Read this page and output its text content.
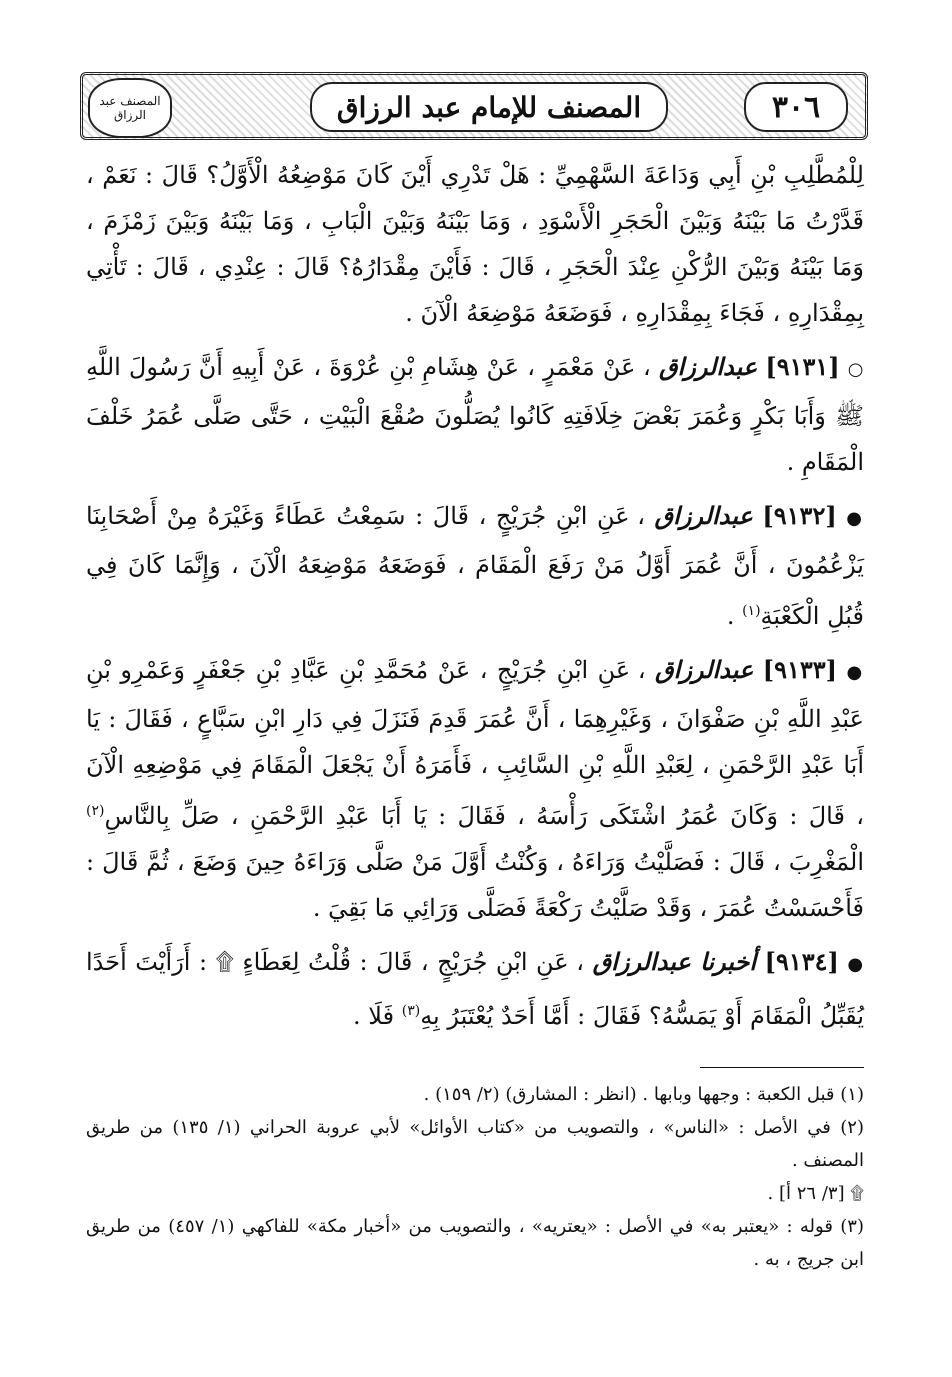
المصنف عبد الرزاق	المصنف للإمام عبد الرزاق	٣٠٦

لِلْمُطَّلِبِ بْنِ أَبِي وَدَاعَةَ السَّهْمِيِّ : هَلْ تَدْرِي أَيْنَ كَانَ مَوْضِعُهُ الْأَوَّلُ؟ قَالَ : نَعَمْ ، قَدَّرْتُ مَا بَيْنَهُ وَبَيْنَ الْحَجَرِ الْأَسْوَدِ ، وَمَا بَيْنَهُ وَبَيْنَ الْبَابِ ، وَمَا بَيْنَهُ وَبَيْنَ زَمْزَمَ ، وَمَا بَيْنَهُ وَبَيْنَ الرُّكْنِ عِنْدَ الْحَجَرِ ، قَالَ : فَأَيْنَ مِقْدَارُهُ؟ قَالَ : عِنْدِي ، قَالَ : تَأْتِي بِمِقْدَارِهِ ، فَجَاءَ بِمِقْدَارِهِ ، فَوَضَعَهُ مَوْضِعَهُ الْآنَ .

○ [٩١٣١] عبدالرزاق ، عَنْ مَعْمَرٍ ، عَنْ هِشَامِ بْنِ عُرْوَةَ ، عَنْ أَبِيهِ أَنَّ رَسُولَ اللَّهِ ﷺ وَأَبَا بَكْرٍ وَعُمَرَ بَعْضَ خِلَافَتِهِ كَانُوا يُصَلُّونَ صُقْعَ الْبَيْتِ ، حَتَّى صَلَّى عُمَرُ خَلْفَ الْمَقَامِ .

● [٩١٣٢] عبدالرزاق ، عَنِ ابْنِ جُرَيْجٍ ، قَالَ : سَمِعْتُ عَطَاءً وَغَيْرَهُ مِنْ أَصْحَابِنَا يَزْعُمُونَ ، أَنَّ عُمَرَ أَوَّلُ مَنْ رَفَعَ الْمَقَامَ ، فَوَضَعَهُ مَوْضِعَهُ الْآنَ ، وَإِنَّمَا كَانَ فِي قُبُلِ الْكَعْبَةِ$^{(١)}$ .

● [٩١٣٣] عبدالرزاق ، عَنِ ابْنِ جُرَيْجٍ ، عَنْ مُحَمَّدِ بْنِ عَبَّادِ بْنِ جَعْفَرٍ وَعَمْرِو بْنِ عَبْدِ اللَّهِ بْنِ صَفْوَانَ ، وَغَيْرِهِمَا ، أَنَّ عُمَرَ قَدِمَ فَنَزَلَ فِي دَارِ ابْنِ سَبَّاعٍ ، فَقَالَ : يَا أَبَا عَبْدِ الرَّحْمَنِ ، لِعَبْدِ اللَّهِ بْنِ السَّائِبِ ، فَأَمَرَهُ أَنْ يَجْعَلَ الْمَقَامَ فِي مَوْضِعِهِ الْآنَ ، قَالَ : وَكَانَ عُمَرُ اشْتَكَى رَأْسَهُ ، فَقَالَ : يَا أَبَا عَبْدِ الرَّحْمَنِ ، صَلِّ بِالنَّاسِ$^{(٢)}$ الْمَغْرِبَ ، قَالَ : فَصَلَّيْتُ وَرَاءَهُ ، وَكُنْتُ أَوَّلَ مَنْ صَلَّى وَرَاءَهُ حِينَ وَضَعَ ، ثُمَّ قَالَ : فَأَحْسَسْتُ عُمَرَ ، وَقَدْ صَلَّيْتُ رَكْعَةً فَصَلَّى وَرَائِي مَا بَقِيَ .

● [٩١٣٤] أخبرنا عبدالرزاق ، عَنِ ابْنِ جُرَيْجٍ ، قَالَ : قُلْتُ لِعَطَاءٍ ۩ : أَرَأَيْتَ أَحَدًا يُقَبِّلُ الْمَقَامَ أَوْ يَمَسُّهُ؟ فَقَالَ : أَمَّا أَحَدٌ يُعْتَبَرُ بِهِ$^{(٣)}$ فَلَا .

(١) قبل الكعبة : وجهها وبابها . (انظر : المشارق) (٢/ ١٥٩) .

(٢) في الأصل : «الناس» ، والتصويب من «كتاب الأوائل» لأبي عروبة الحراني (١/ ١٣٥) من طريق المصنف .

۩ [٣/ ٢٦ أ] .

(٣) قوله : «يعتبر به» في الأصل : «يعتريه» ، والتصويب من «أخبار مكة» للفاكهي (١/ ٤٥٧) من طريق ابن جريج ، به .
